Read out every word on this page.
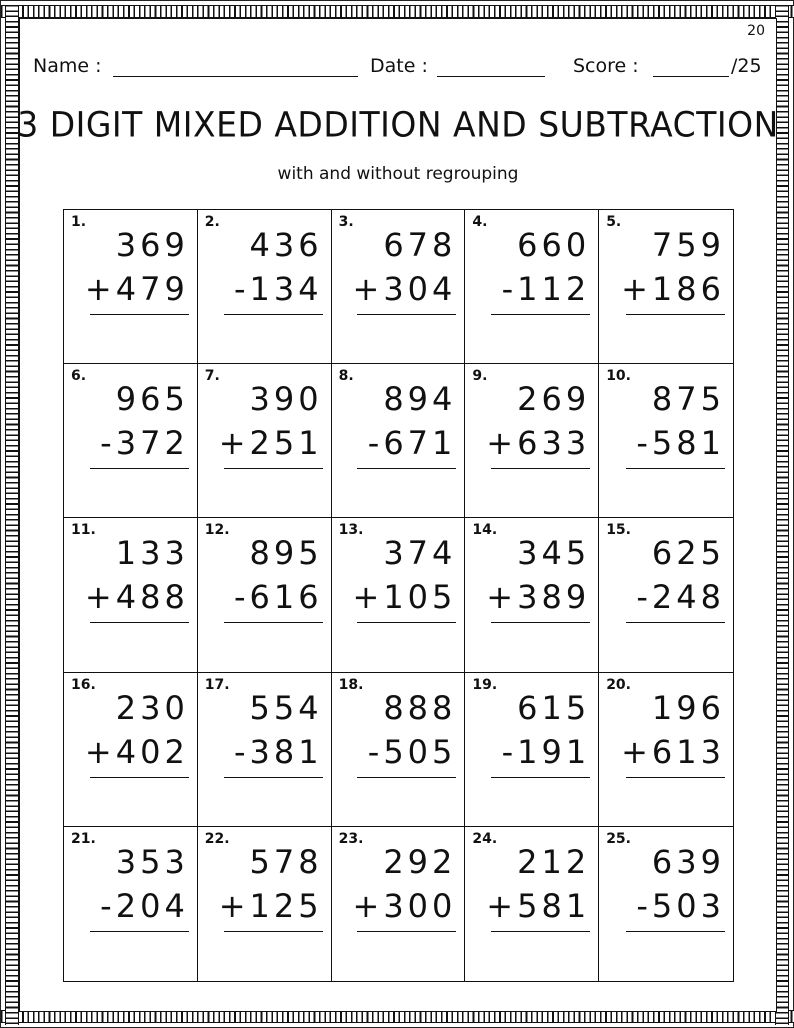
20
Name :	Date :	Score :	/25
3 DIGIT MIXED ADDITION AND SUBTRACTION
with and without regrouping
1.
369
+479
2.
436
-134
3.
678
+304
4.
660
-112
5.
759
+186
6.
965
-372
7.
390
+251
8.
894
-671
9.
269
+633
10.
875
-581
11.
133
+488
12.
895
-616
13.
374
+105
14.
345
+389
15.
625
-248
16.
230
+402
17.
554
-381
18.
888
-505
19.
615
-191
20.
196
+613
21.
353
-204
22.
578
+125
23.
292
+300
24.
212
+581
25.
639
-503
